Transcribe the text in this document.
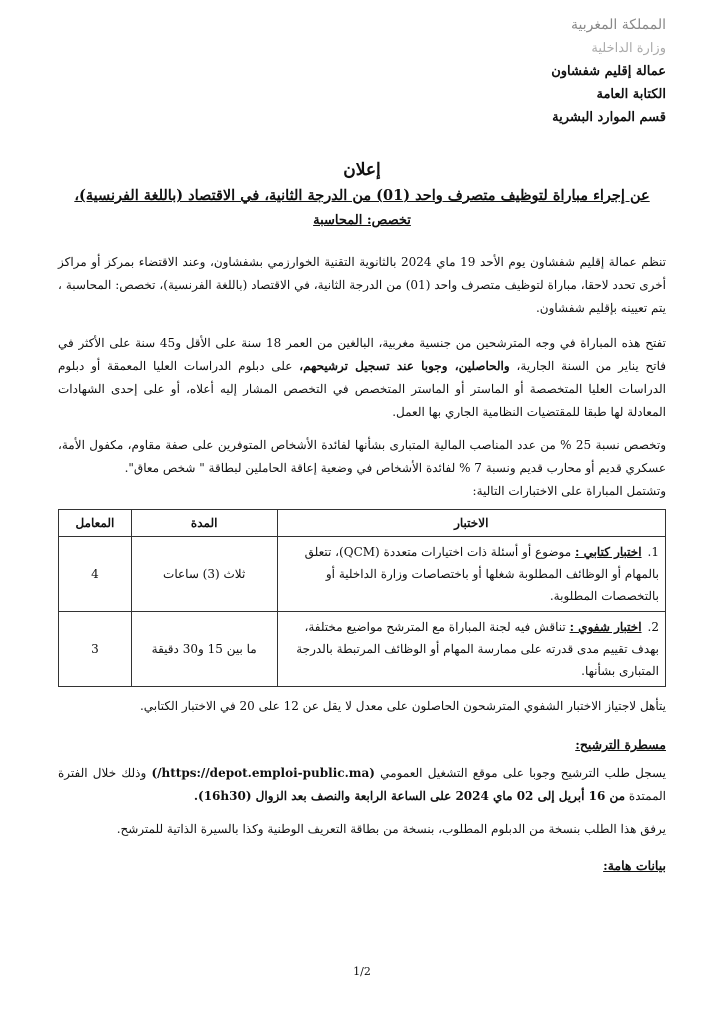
المملكة المغربية
وزارة الداخلية
عمالة إقليم شفشاون
الكتابة العامة
قسم الموارد البشرية
إعلان
عن إجراء مباراة لتوظيف متصرف واحد (01) من الدرجة الثانية، في الاقتصاد (باللغة الفرنسية)،
تخصص: المحاسبة

تنظم عمالة إقليم شفشاون يوم الأحد 19 ماي 2024 بالثانوية التقنية الخوارزمي بشفشاون، وعند الاقتضاء بمركز أو مراكز أخرى تحدد لاحقا، مباراة لتوظيف متصرف واحد (01) من الدرجة الثانية، في الاقتصاد (باللغة الفرنسية)، تخصص: المحاسبة ، يتم تعيينه بإقليم شفشاون.

تفتح هذه المباراة في وجه المترشحين من جنسية مغربية، البالغين من العمر 18 سنة على الأقل و45 سنة على الأكثر في فاتح يناير من السنة الجارية، والحاصلين، وجوبا عند تسجيل ترشيحهم، على دبلوم الدراسات العليا المعمقة أو دبلوم الدراسات العليا المتخصصة أو الماستر أو الماستر المتخصص في التخصص المشار إليه أعلاه، أو على إحدى الشهادات المعادلة لها طبقا للمقتضيات النظامية الجاري بها العمل.

وتخصص نسبة 25 % من عدد المناصب المالية المتبارى بشأنها لفائدة الأشخاص المتوفرين على صفة مقاوم، مكفول الأمة، عسكري قديم أو محارب قديم ونسبة 7 % لفائدة الأشخاص في وضعية إعاقة الحاملين لبطاقة " شخص معاق".

وتشتمل المباراة على الاختبارات التالية:

الاختبار	المدة	المعامل
1.اختبار كتابي : موضوع أو أسئلة ذات اختيارات متعددة (QCM)، تتعلق بالمهام أو الوظائف المطلوبة شغلها أو باختصاصات وزارة الداخلية أو بالتخصصات المطلوبة.	ثلاث (3) ساعات	4
2.اختبار شفوي : تناقش فيه لجنة المباراة مع المترشح مواضيع مختلفة، بهدف تقييم مدى قدرته على ممارسة المهام أو الوظائف المرتبطة بالدرجة المتبارى بشأنها.	ما بين 15 و30 دقيقة	3

يتأهل لاجتياز الاختبار الشفوي المترشحون الحاصلون على معدل لا يقل عن 12 على 20 في الاختبار الكتابي.

مسطرة الترشيح:

يسجل طلب الترشيح وجوبا على موقع التشغيل العمومي (https://depot.emploi-public.ma/) وذلك خلال الفترة الممتدة من 16 أبريل إلى 02 ماي 2024 على الساعة الرابعة والنصف بعد الزوال (16h30).

يرفق هذا الطلب بنسخة من الدبلوم المطلوب، بنسخة من بطاقة التعريف الوطنية وكذا بالسيرة الذاتية للمترشح.

بيانات هامة:
1/2
